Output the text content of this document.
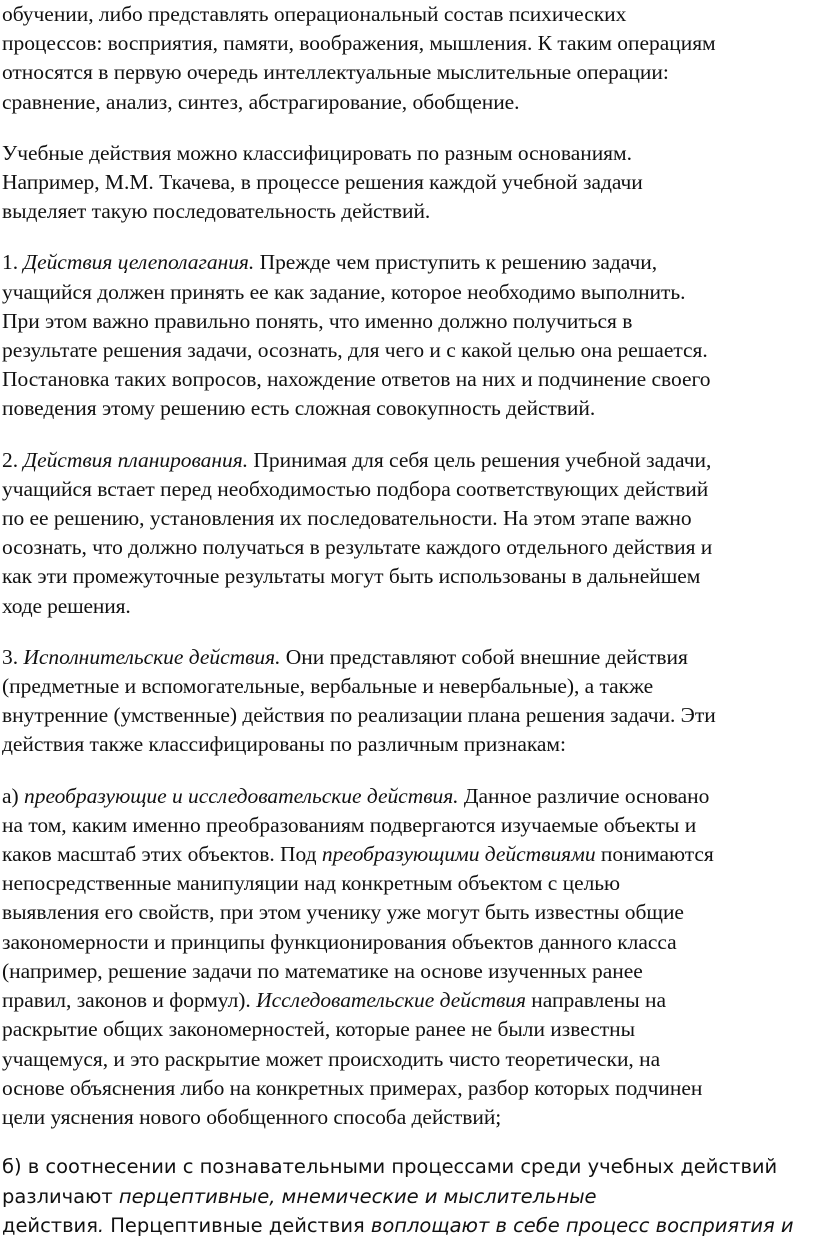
обучении, либо представлять операциональный состав психических
процессов: восприятия, памяти, воображения, мышления. К таким операциям
относятся в первую очередь интеллектуальные мыслительные операции:
сравнение, анализ, синтез, абстрагирование, обобщение.

Учебные действия можно классифицировать по разным основаниям.
Например, М.М. Ткачева, в процессе решения каждой учебной задачи
выделяет такую последовательность действий.

1. Действия целеполагания. Прежде чем приступить к решению задачи,
учащийся должен принять ее как задание, которое необходимо выполнить.
При этом важно правильно понять, что именно должно получиться в
результате решения задачи, осознать, для чего и с какой целью она решается.
Постановка таких вопросов, нахождение ответов на них и подчинение своего
поведения этому решению есть сложная совокупность действий.

2. Действия планирования. Принимая для себя цель решения учебной задачи,
учащийся встает перед необходимостью подбора соответствующих действий
по ее решению, установления их последовательности. На этом этапе важно
осознать, что должно получаться в результате каждого отдельного действия и
как эти промежуточные результаты могут быть использованы в дальнейшем
ходе решения.

3. Исполнительские действия. Они представляют собой внешние действия
(предметные и вспомогательные, вербальные и невербальные), а также
внутренние (умственные) действия по реализации плана решения задачи. Эти
действия также классифицированы по различным признакам:

а) преобразующие и исследовательские действия. Данное различие основано
на том, каким именно преобразованиям подвергаются изучаемые объекты и
каков масштаб этих объектов. Под преобразующими действиями понимаются
непосредственные манипуляции над конкретным объектом с целью
выявления его свойств, при этом ученику уже могут быть известны общие
закономерности и принципы функционирования объектов данного класса
(например, решение задачи по математике на основе изученных ранее
правил, законов и формул). Исследовательские действия направлены на
раскрытие общих закономерностей, которые ранее не были известны
учащемуся, и это раскрытие может происходить чисто теоретически, на
основе объяснения либо на конкретных примерах, разбор которых подчинен
цели уяснения нового обобщенного способа действий;

б) в соотнесении с познавательными процессами среди учебных действий
различают перцептивные, мнемические и мыслительные
действия. Перцептивные действия воплощают в себе процесс восприятия и
